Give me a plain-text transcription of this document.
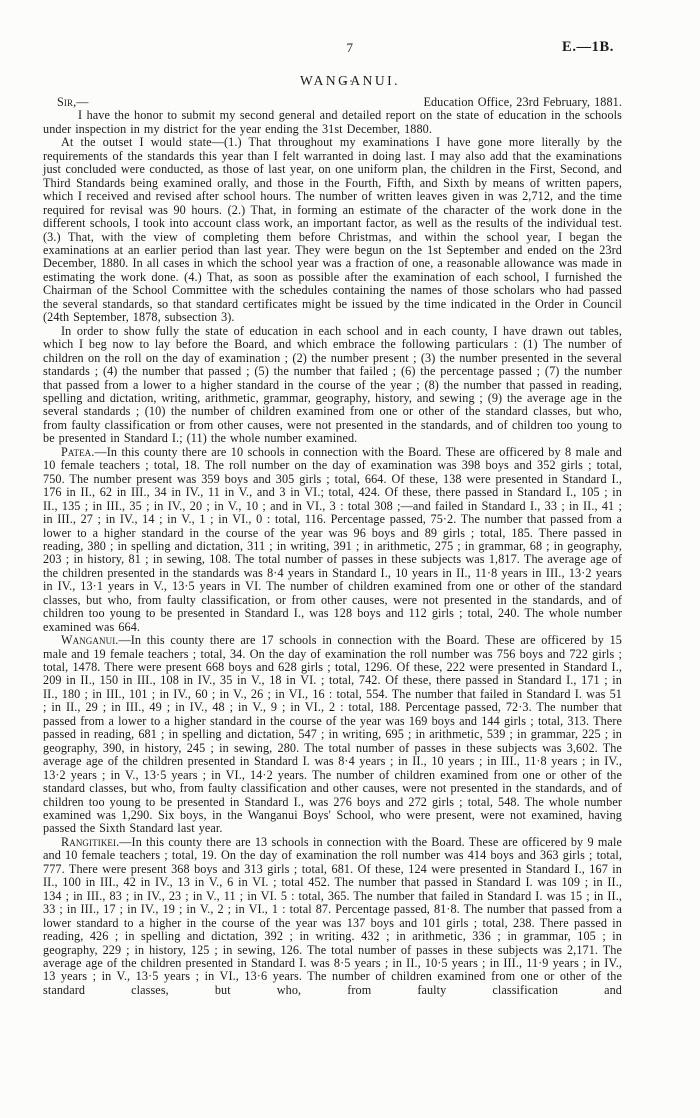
7	E.—1B.
WANGANUI.
Sir,—	Education Office, 23rd February, 1881.

I have the honor to submit my second general and detailed report on the state of education in the schools under inspection in my district for the year ending the 31st December, 1880.

At the outset I would state—(1.) That throughout my examinations I have gone more literally by the requirements of the standards this year than I felt warranted in doing last. I may also add that the examinations just concluded were conducted, as those of last year, on one uniform plan, the children in the First, Second, and Third Standards being examined orally, and those in the Fourth, Fifth, and Sixth by means of written papers, which I received and revised after school hours. The number of written leaves given in was 2,712, and the time required for revisal was 90 hours. (2.) That, in forming an estimate of the character of the work done in the different schools, I took into account class work, an important factor, as well as the results of the individual test. (3.) That, with the view of completing them before Christmas, and within the school year, I began the examinations at an earlier period than last year. They were begun on the 1st September and ended on the 23rd December, 1880. In all cases in which the school year was a fraction of one, a reasonable allowance was made in estimating the work done. (4.) That, as soon as possible after the examination of each school, I furnished the Chairman of the School Committee with the schedules containing the names of those scholars who had passed the several standards, so that standard certificates might be issued by the time indicated in the Order in Council (24th September, 1878, subsection 3).

In order to show fully the state of education in each school and in each county, I have drawn out tables, which I beg now to lay before the Board, and which embrace the following particulars : (1) The number of children on the roll on the day of examination ; (2) the number present ; (3) the number presented in the several standards ; (4) the number that passed ; (5) the number that failed ; (6) the percentage passed ; (7) the number that passed from a lower to a higher standard in the course of the year ; (8) the number that passed in reading, spelling and dictation, writing, arithmetic, grammar, geography, history, and sewing ; (9) the average age in the several standards ; (10) the number of children examined from one or other of the standard classes, but who, from faulty classification or from other causes, were not presented in the standards, and of children too young to be presented in Standard I.; (11) the whole number examined.

Patea.—In this county there are 10 schools in connection with the Board. These are officered by 8 male and 10 female teachers ; total, 18. The roll number on the day of examination was 398 boys and 352 girls ; total, 750. The number present was 359 boys and 305 girls ; total, 664. Of these, 138 were presented in Standard I., 176 in II., 62 in III., 34 in IV., 11 in V., and 3 in VI.; total, 424. Of these, there passed in Standard I., 105 ; in II., 135 ; in III., 35 ; in IV., 20 ; in V., 10 ; and in VI., 3 : total 308 ;—and failed in Standard I., 33 ; in II., 41 ; in III., 27 ; in IV., 14 ; in V., 1 ; in VI., 0 : total, 116. Percentage passed, 75·2. The number that passed from a lower to a higher standard in the course of the year was 96 boys and 89 girls ; total, 185. There passed in reading, 380 ; in spelling and dictation, 311 ; in writing, 391 ; in arithmetic, 275 ; in grammar, 68 ; in geography, 203 ; in history, 81 ; in sewing, 108. The total number of passes in these subjects was 1,817. The average age of the children presented in the standards was 8·4 years in Standard I., 10 years in II., 11·8 years in III., 13·2 years in IV., 13·1 years in V., 13·5 years in VI. The number of children examined from one or other of the standard classes, but who, from faulty classification, or from other causes, were not presented in the standards, and of children too young to be presented in Standard I., was 128 boys and 112 girls ; total, 240. The whole number examined was 664.

Wanganui.—In this county there are 17 schools in connection with the Board. These are officered by 15 male and 19 female teachers ; total, 34. On the day of examination the roll number was 756 boys and 722 girls ; total, 1478. There were present 668 boys and 628 girls ; total, 1296. Of these, 222 were presented in Standard I., 209 in II., 150 in III., 108 in IV., 35 in V., 18 in VI. ; total, 742. Of these, there passed in Standard I., 171 ; in II., 180 ; in III., 101 ; in IV., 60 ; in V., 26 ; in VI., 16 : total, 554. The number that failed in Standard I. was 51 ; in II., 29 ; in III., 49 ; in IV., 48 ; in V., 9 ; in VI., 2 : total, 188. Percentage passed, 72·3. The number that passed from a lower to a higher standard in the course of the year was 169 boys and 144 girls ; total, 313. There passed in reading, 681 ; in spelling and dictation, 547 ; in writing, 695 ; in arithmetic, 539 ; in grammar, 225 ; in geography, 390, in history, 245 ; in sewing, 280. The total number of passes in these subjects was 3,602. The average age of the children presented in Standard I. was 8·4 years ; in II., 10 years ; in III., 11·8 years ; in IV., 13·2 years ; in V., 13·5 years ; in VI., 14·2 years. The number of children examined from one or other of the standard classes, but who, from faulty classification and other causes, were not presented in the standards, and of children too young to be presented in Standard I., was 276 boys and 272 girls ; total, 548. The whole number examined was 1,290. Six boys, in the Wanganui Boys' School, who were present, were not examined, having passed the Sixth Standard last year.

Rangitikei.—In this county there are 13 schools in connection with the Board. These are officered by 9 male and 10 female teachers ; total, 19. On the day of examination the roll number was 414 boys and 363 girls ; total, 777. There were present 368 boys and 313 girls ; total, 681. Of these, 124 were presented in Standard I., 167 in II., 100 in III., 42 in IV., 13 in V., 6 in VI. ; total 452. The number that passed in Standard I. was 109 ; in II., 134 ; in III., 83 ; in IV., 23 ; in V., 11 ; in VI. 5 : total, 365. The number that failed in Standard I. was 15 ; in II., 33 ; in III., 17 ; in IV., 19 ; in V., 2 ; in VI., 1 : total 87. Percentage passed, 81·8. The number that passed from a lower standard to a higher in the course of the year was 137 boys and 101 girls ; total, 238. There passed in reading, 426 ; in spelling and dictation, 392 ; in writing. 432 ; in arithmetic, 336 ; in grammar, 105 ; in geography, 229 ; in history, 125 ; in sewing, 126. The total number of passes in these subjects was 2,171. The average age of the children presented in Standard I. was 8·5 years ; in II., 10·5 years ; in III., 11·9 years ; in IV., 13 years ; in V., 13·5 years ; in VI., 13·6 years. The number of children examined from one or other of the standard classes, but who, from faulty classification and
